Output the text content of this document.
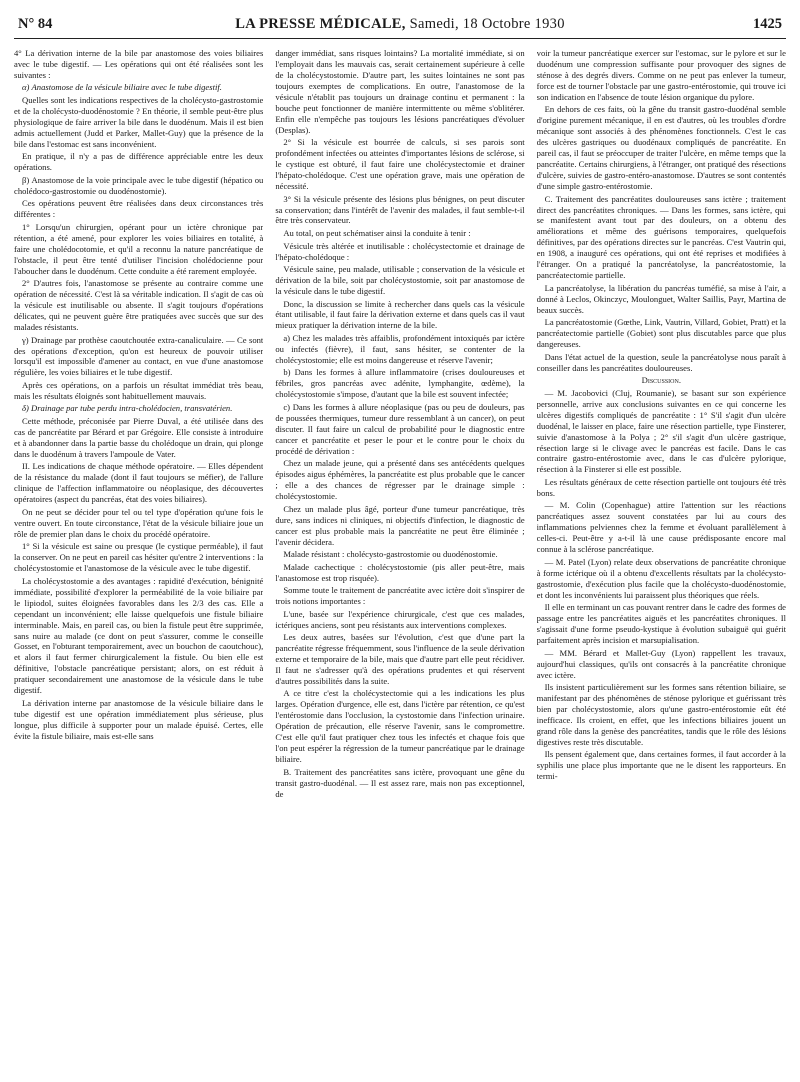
N° 84	LA PRESSE MÉDICALE, Samedi, 18 Octobre 1930	1425

4° La dérivation interne de la bile par anastomose des voies biliaires avec le tube digestif. — Les opérations qui ont été réalisées sont les suivantes :

α) Anastomose de la vésicule biliaire avec le tube digestif.

Quelles sont les indications respectives de la cholécysto-gastrostomie et de la cholécysto-duodénostomie ? En théorie, il semble peut-être plus physiologique de faire arriver la bile dans le duodénum. Mais il est bien admis actuellement (Judd et Parker, Mallet-Guy) que la présence de la bile dans l'estomac est sans inconvénient.

En pratique, il n'y a pas de différence appréciable entre les deux opérations.

β) Anastomose de la voie principale avec le tube digestif (hépatico ou cholédoco-gastrostomie ou duodénostomie).

Ces opérations peuvent être réalisées dans deux circonstances très différentes :

1° Lorsqu'un chirurgien, opérant pour un ictère chronique par rétention, a été amené, pour explorer les voies biliaires en totalité, à faire une cholédocotomie, et qu'il a reconnu la nature pancréatique de l'obstacle, il peut être tenté d'utiliser l'incision cholédocienne pour l'aboucher dans le duodénum. Cette conduite a été rarement employée.

2° D'autres fois, l'anastomose se présente au contraire comme une opération de nécessité. C'est là sa véritable indication. Il s'agit de cas où la vésicule est inutilisable ou absente. Il s'agit toujours d'opérations délicates, qui ne peuvent guère être pratiquées avec succès que sur des malades résistants.

γ) Drainage par prothèse caoutchoutée extra-canaliculaire. — Ce sont des opérations d'exception, qu'on est heureux de pouvoir utiliser lorsqu'il est impossible d'amener au contact, en vue d'une anastomose régulière, les voies biliaires et le tube digestif.

Après ces opérations, on a parfois un résultat immédiat très beau, mais les résultats éloignés sont habituellement mauvais.

δ) Drainage par tube perdu intra-cholédocien, transvatérien.

Cette méthode, préconisée par Pierre Duval, a été utilisée dans des cas de pancréatite par Bérard et par Grégoire. Elle consiste à introduire et à abandonner dans la partie basse du cholédoque un drain, qui plonge dans le duodénum à travers l'ampoule de Vater.

II. Les indications de chaque méthode opératoire. — Elles dépendent de la résistance du malade (dont il faut toujours se méfier), de l'allure clinique de l'affection inflammatoire ou néoplasique, des découvertes opératoires (aspect du pancréas, état des voies biliaires).

On ne peut se décider pour tel ou tel type d'opération qu'une fois le ventre ouvert. En toute circonstance, l'état de la vésicule biliaire joue un rôle de premier plan dans le choix du procédé opératoire.

1° Si la vésicule est saine ou presque (le cystique perméable), il faut la conserver. On ne peut en pareil cas hésiter qu'entre 2 interventions : la cholécystostomie et l'anastomose de la vésicule avec le tube digestif.

La cholécystostomie a des avantages : rapidité d'exécution, bénignité immédiate, possibilité d'explorer la perméabilité de la voie biliaire par le lipiodol, suites éloignées favorables dans les 2/3 des cas. Elle a cependant un inconvénient; elle laisse quelquefois une fistule biliaire interminable. Mais, en pareil cas, ou bien la fistule peut être supprimée, sans nuire au malade (ce dont on peut s'assurer, comme le conseille Gosset, en l'obturant temporairement, avec un bouchon de caoutchouc), et alors il faut fermer chirurgicalement la fistule. Ou bien elle est définitive, l'obstacle pancréatique persistant; alors, on est réduit à pratiquer secondairement une anastomose de la vésicule dans le tube digestif.

La dérivation interne par anastomose de la vésicule biliaire dans le tube digestif est une opération immédiatement plus sérieuse, plus longue, plus difficile à supporter pour un malade épuisé. Certes, elle évite la fistule biliaire, mais est-elle sans

danger immédiat, sans risques lointains? La mortalité immédiate, si on l'employait dans les mauvais cas, serait certainement supérieure à celle de la cholécystostomie. D'autre part, les suites lointaines ne sont pas toujours exemptes de complications. En outre, l'anastomose de la vésicule n'établit pas toujours un drainage continu et permanent : la bouche peut fonctionner de manière intermittente ou même s'oblitérer. Enfin elle n'empêche pas toujours les lésions pancréatiques d'évoluer (Desplas).

2° Si la vésicule est bourrée de calculs, si ses parois sont profondément infectées ou atteintes d'importantes lésions de sclérose, si le cystique est obturé, il faut faire une cholécystectomie et drainer l'hépato-cholédoque. C'est une opération grave, mais une opération de nécessité.

3° Si la vésicule présente des lésions plus bénignes, on peut discuter sa conservation; dans l'intérêt de l'avenir des malades, il faut semble-t-il être très conservateur.

Au total, on peut schématiser ainsi la conduite à tenir :

Vésicule très altérée et inutilisable : cholécystectomie et drainage de l'hépato-cholédoque :

Vésicule saine, peu malade, utilisable ; conservation de la vésicule et dérivation de la bile, soit par cholécystostomie, soit par anastomose de la vésicule dans le tube digestif.

Donc, la discussion se limite à rechercher dans quels cas la vésicule étant utilisable, il faut faire la dérivation externe et dans quels cas il vaut mieux pratiquer la dérivation interne de la bile.

a) Chez les malades très affaiblis, profondément intoxiqués par ictère ou infectés (fièvre), il faut, sans hésiter, se contenter de la cholécystostomie; elle est moins dangereuse et réserve l'avenir;

b) Dans les formes à allure inflammatoire (crises douloureuses et fébriles, gros pancréas avec adénite, lymphangite, œdème), la cholécystostomie s'impose, d'autant que la bile est souvent infectée;

c) Dans les formes à allure néoplasique (pas ou peu de douleurs, pas de poussées thermiques, tumeur dure ressemblant à un cancer), on peut discuter. Il faut faire un calcul de probabilité pour le diagnostic entre cancer et pancréatite et peser le pour et le contre pour le choix du procédé de dérivation :

Chez un malade jeune, qui a présenté dans ses antécédents quelques épisodes aigus éphémères, la pancréatite est plus probable que le cancer ; elle a des chances de régresser par le drainage simple : cholécystostomie.

Chez un malade plus âgé, porteur d'une tumeur pancréatique, très dure, sans indices ni cliniques, ni objectifs d'infection, le diagnostic de cancer est plus probable mais la pancréatite ne peut être éliminée ; l'avenir décidera.

Malade résistant : cholécysto-gastrostomie ou duodénostomie.

Malade cachectique : cholécystostomie (pis aller peut-être, mais l'anastomose est trop risquée).

Somme toute le traitement de pancréatite avec ictère doit s'inspirer de trois notions importantes :

L'une, basée sur l'expérience chirurgicale, c'est que ces malades, ictériques anciens, sont peu résistants aux interventions complexes.

Les deux autres, basées sur l'évolution, c'est que d'une part la pancréatite régresse fréquemment, sous l'influence de la seule dérivation externe et temporaire de la bile, mais que d'autre part elle peut récidiver. Il faut ne s'adresser qu'à des opérations prudentes et qui réservent d'autres possibilités dans la suite.

A ce titre c'est la cholécystectomie qui a les indications les plus larges. Opération d'urgence, elle est, dans l'ictère par rétention, ce qu'est l'entérostomie dans l'occlusion, la cystostomie dans l'infection urinaire. Opération de précaution, elle réserve l'avenir, sans le compromettre. C'est elle qu'il faut pratiquer chez tous les infectés et chaque fois que l'on peut espérer la régression de la tumeur pancréatique par le drainage biliaire.

B. Traitement des pancréatites sans ictère, provoquant une gêne du transit gastro-duodénal. — Il est assez rare, mais non pas exceptionnel, de

voir la tumeur pancréatique exercer sur l'estomac, sur le pylore et sur le duodénum une compression suffisante pour provoquer des signes de sténose à des degrés divers. Comme on ne peut pas enlever la tumeur, force est de tourner l'obstacle par une gastro-entérostomie, qui trouve ici son indication en l'absence de toute lésion organique du pylore.

En dehors de ces faits, où la gêne du transit gastro-duodénal semble d'origine purement mécanique, il en est d'autres, où les troubles d'ordre mécanique sont associés à des phénomènes fonctionnels. C'est le cas des ulcères gastriques ou duodénaux compliqués de pancréatite. En pareil cas, il faut se préoccuper de traiter l'ulcère, en même temps que la pancréatite. Certains chirurgiens, à l'étranger, ont pratiqué des résections d'ulcère, suivies de gastro-entéro-anastomose. D'autres se sont contentés d'une simple gastro-entérostomie.

C. Traitement des pancréatites douloureuses sans ictère ; traitement direct des pancréatites chroniques. — Dans les formes, sans ictère, qui se manifestent avant tout par des douleurs, on a obtenu des améliorations et même des guérisons temporaires, quelquefois définitives, par des opérations directes sur le pancréas. C'est Vautrin qui, en 1908, a inauguré ces opérations, qui ont été reprises et modifiées à l'étranger. On a pratiqué la pancréatolyse, la pancréatostomie, la pancréatectomie partielle.

La pancréatolyse, la libération du pancréas tuméfié, sa mise à l'air, a donné à Leclos, Okinczyc, Moulonguet, Walter Saillis, Payr, Martina de beaux succès.

La pancréatostomie (Gœthe, Link, Vautrin, Villard, Gobiet, Pratt) et la pancréatectomie partielle (Gobiet) sont plus discutables parce que plus dangereuses.

Dans l'état actuel de la question, seule la pancréatolyse nous paraît à conseiller dans les pancréatites douloureuses.

Discussion.

— M. Jacobovici (Cluj, Roumanie), se basant sur son expérience personnelle, arrive aux conclusions suivantes en ce qui concerne les ulcères digestifs compliqués de pancréatite : 1° S'il s'agit d'un ulcère duodénal, le laisser en place, faire une résection partielle, type Finsterer, suivie d'anastomose à la Polya ; 2° s'il s'agit d'un ulcère gastrique, résection large si le clivage avec le pancréas est facile. Dans le cas contraire gastro-entérostomie avec, dans le cas d'ulcère pylorique, résection à la Finsterer si elle est possible.

Les résultats généraux de cette résection partielle ont toujours été très bons.

— M. Colin (Copenhague) attire l'attention sur les réactions pancréatiques assez souvent constatées par lui au cours des inflammations pelviennes chez la femme et évoluant parallèlement à celles-ci. Peut-être y a-t-il là une cause prédisposante encore mal connue à la sclérose pancréatique.

— M. Patel (Lyon) relate deux observations de pancréatite chronique à forme ictérique où il a obtenu d'excellents résultats par la cholécysto-gastrostomie, d'exécution plus facile que la cholécysto-duodénostomie, et dont les inconvénients lui paraissent plus théoriques que réels.

Il elle en terminant un cas pouvant rentrer dans le cadre des formes de passage entre les pancréatites aiguës et les pancréatites chroniques. Il s'agissait d'une forme pseudo-kystique à évolution subaiguë qui guérit parfaitement après incision et marsupialisation.

— MM. Bérard et Mallet-Guy (Lyon) rappellent les travaux, aujourd'hui classiques, qu'ils ont consacrés à la pancréatite chronique avec ictère.

Ils insistent particulièrement sur les formes sans rétention biliaire, se manifestant par des phénomènes de sténose pylorique et guérissant très bien par cholécystostomie, alors qu'une gastro-entérostomie eût été inefficace. Ils croient, en effet, que les infections biliaires jouent un grand rôle dans la genèse des pancréatites, tandis que le rôle des lésions digestives reste très discutable.

Ils pensent également que, dans certaines formes, il faut accorder à la syphilis une place plus importante que ne le disent les rapporteurs. En termi-
